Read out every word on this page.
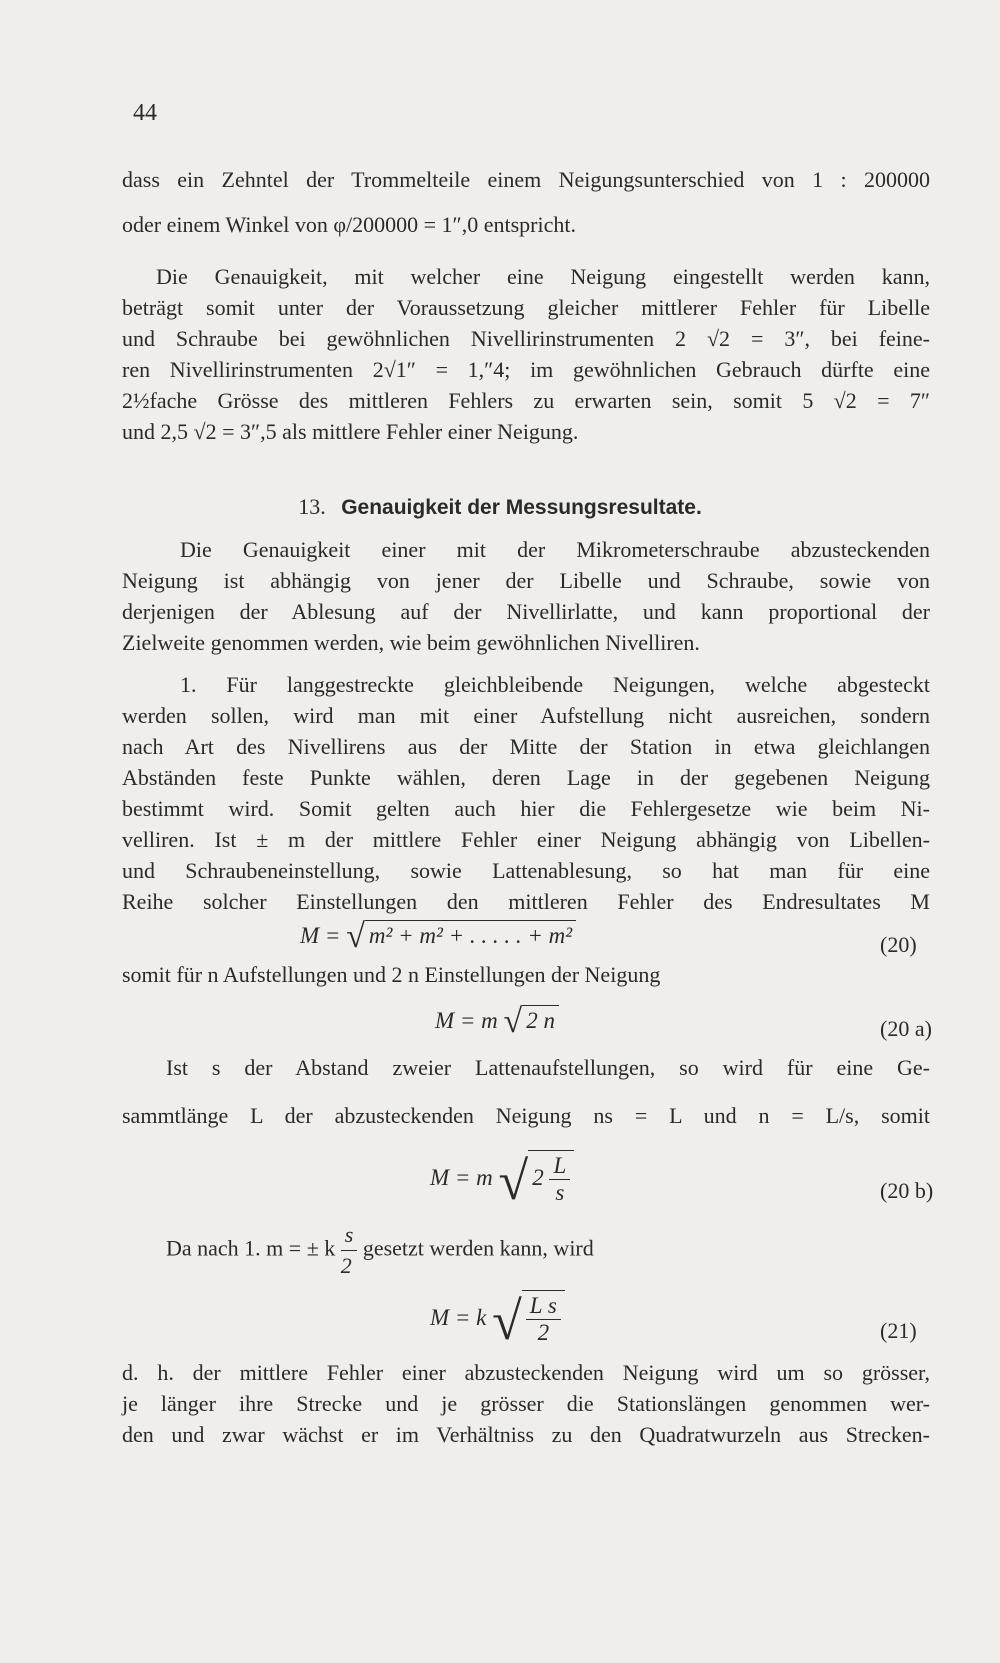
44
dass ein Zehntel der Trommelteile einem Neigungsunterschied von 1 : 200000
oder einem Winkel von φ/200000 = 1″,0 entspricht.
Die Genauigkeit, mit welcher eine Neigung eingestellt werden kann,
beträgt somit unter der Voraussetzung gleicher mittlerer Fehler für Libelle
und Schraube bei gewöhnlichen Nivellirinstrumenten 2 √2 = 3″, bei feine-
ren Nivellirinstrumenten 2√1″ = 1,″4; im gewöhnlichen Gebrauch dürfte eine
2½fache Grösse des mittleren Fehlers zu erwarten sein, somit 5 √2 = 7″
und 2,5 √2 = 3″,5 als mittlere Fehler einer Neigung.
13. Genauigkeit der Messungsresultate.
Die Genauigkeit einer mit der Mikrometerschraube abzusteckenden
Neigung ist abhängig von jener der Libelle und Schraube, sowie von
derjenigen der Ablesung auf der Nivellirlatte, und kann proportional der
Zielweite genommen werden, wie beim gewöhnlichen Nivelliren.
1. Für langgestreckte gleichbleibende Neigungen, welche abgesteckt
werden sollen, wird man mit einer Aufstellung nicht ausreichen, sondern
nach Art des Nivellirens aus der Mitte der Station in etwa gleichlangen
Abständen feste Punkte wählen, deren Lage in der gegebenen Neigung
bestimmt wird. Somit gelten auch hier die Fehlergesetze wie beim Ni-
velliren. Ist ± m der mittlere Fehler einer Neigung abhängig von Libellen-
und Schraubeneinstellung, sowie Lattenablesung, so hat man für eine
Reihe solcher Einstellungen den mittleren Fehler des Endresultates M
M = √ m² + m² + . . . . . + m²	(20)
somit für n Aufstellungen und 2 n Einstellungen der Neigung
M = m √ 2 n	(20 a)
Ist s der Abstand zweier Lattenaufstellungen, so wird für eine Ge-
sammtlänge L der abzusteckenden Neigung ns = L und n = L/s, somit
M = m √ $2 \frac{L}{s}$	(20 b)
Da nach 1. m = ± k $\frac{s}{2}$ gesetzt werden kann, wird
M = k √ $\frac{\text{L s}}{2}$	(21)
d. h. der mittlere Fehler einer abzusteckenden Neigung wird um so grösser,
je länger ihre Strecke und je grösser die Stationslängen genommen wer-
den und zwar wächst er im Verhältniss zu den Quadratwurzeln aus Strecken-
